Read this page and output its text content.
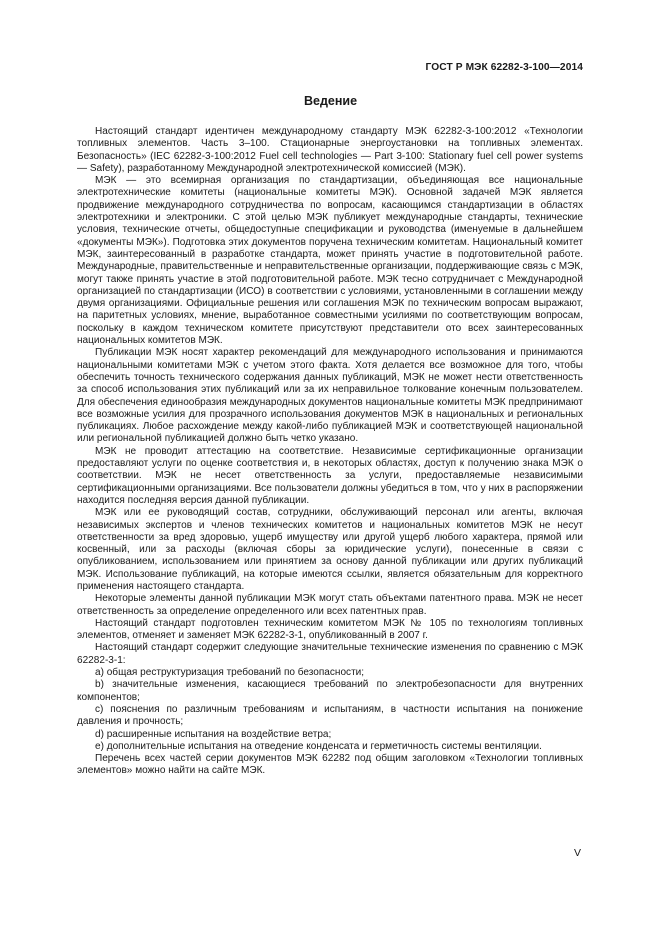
ГОСТ Р МЭК 62282-3-100—2014
Ведение

Настоящий стандарт идентичен международному стандарту МЭК 62282-3-100:2012 «Технологии топливных элементов. Часть 3–100. Стационарные энергоустановки на топливных элементах. Безопасность» (IEC 62282-3-100:2012 Fuel cell technologies — Part 3-100: Stationary fuel cell power systems — Safety), разработанному Международной электротехнической комиссией (МЭК).

МЭК — это всемирная организация по стандартизации, объединяющая все национальные электротехнические комитеты (национальные комитеты МЭК). Основной задачей МЭК является продвижение международного сотрудничества по вопросам, касающимся стандартизации в областях электротехники и электроники. С этой целью МЭК публикует международные стандарты, технические условия, технические отчеты, общедоступные спецификации и руководства (именуемые в дальнейшем «документы МЭК»). Подготовка этих документов поручена техническим комитетам. Национальный комитет МЭК, заинтересованный в разработке стандарта, может принять участие в подготовительной работе. Международные, правительственные и неправительственные организации, поддерживающие связь с МЭК, могут также принять участие в этой подготовительной работе. МЭК тесно сотрудничает с Международной организацией по стандартизации (ИСО) в соответствии с условиями, установленными в соглашении между двумя организациями. Официальные решения или соглашения МЭК по техническим вопросам выражают, на паритетных условиях, мнение, выработанное совместными усилиями по соответствующим вопросам, поскольку в каждом техническом комитете присутствуют представители ото всех заинтересованных национальных комитетов МЭК.

Публикации МЭК носят характер рекомендаций для международного использования и принимаются национальными комитетами МЭК с учетом этого факта. Хотя делается все возможное для того, чтобы обеспечить точность технического содержания данных публикаций, МЭК не может нести ответственность за способ использования этих публикаций или за их неправильное толкование конечным пользователем. Для обеспечения единообразия международных документов национальные комитеты МЭК предпринимают все возможные усилия для прозрачного использования документов МЭК в национальных и региональных публикациях. Любое расхождение между какой-либо публикацией МЭК и соответствующей национальной или региональной публикацией должно быть четко указано.

МЭК не проводит аттестацию на соответствие. Независимые сертификационные организации предоставляют услуги по оценке соответствия и, в некоторых областях, доступ к получению знака МЭК о соответствии. МЭК не несет ответственность за услуги, предоставляемые независимыми сертификационными организациями. Все пользователи должны убедиться в том, что у них в распоряжении находится последняя версия данной публикации.

МЭК или ее руководящий состав, сотрудники, обслуживающий персонал или агенты, включая независимых экспертов и членов технических комитетов и национальных комитетов МЭК не несут ответственности за вред здоровью, ущерб имуществу или другой ущерб любого характера, прямой или косвенный, или за расходы (включая сборы за юридические услуги), понесенные в связи с опубликованием, использованием или принятием за основу данной публикации или других публикаций МЭК. Использование публикаций, на которые имеются ссылки, является обязательным для корректного применения настоящего стандарта.

Некоторые элементы данной публикации МЭК могут стать объектами патентного права. МЭК не несет ответственность за определение определенного или всех патентных прав.

Настоящий стандарт подготовлен техническим комитетом МЭК № 105 по технологиям топливных элементов, отменяет и заменяет МЭК 62282-3-1, опубликованный в 2007 г.

Настоящий стандарт содержит следующие значительные технические изменения по сравнению с МЭК 62282-3-1:

a) общая реструктуризация требований по безопасности;

b) значительные изменения, касающиеся требований по электробезопасности для внутренних компонентов;

c) пояснения по различным требованиям и испытаниям, в частности испытания на понижение давления и прочность;

d) расширенные испытания на воздействие ветра;

e) дополнительные испытания на отведение конденсата и герметичность системы вентиляции.

Перечень всех частей серии документов МЭК 62282 под общим заголовком «Технологии топливных элементов» можно найти на сайте МЭК.

V
